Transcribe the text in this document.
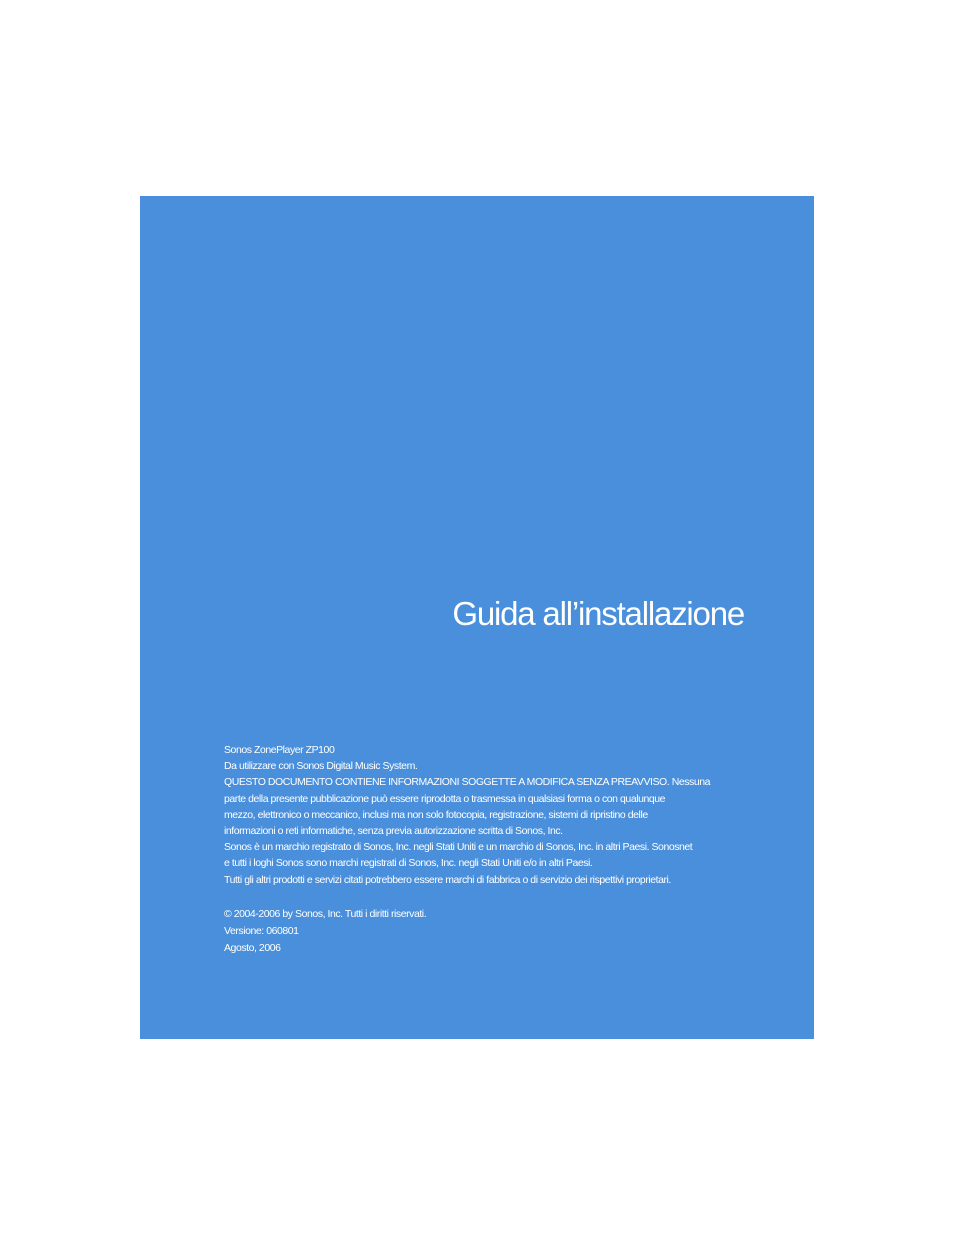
Guida all’installazione

Sonos ZonePlayer ZP100

Da utilizzare con Sonos Digital Music System.

QUESTO DOCUMENTO CONTIENE INFORMAZIONI SOGGETTE A MODIFICA SENZA PREAVVISO. Nessuna

parte della presente pubblicazione può essere riprodotta o trasmessa in qualsiasi forma o con qualunque

mezzo, elettronico o meccanico, inclusi ma non solo fotocopia, registrazione, sistemi di ripristino delle

informazioni o reti informatiche, senza previa autorizzazione scritta di Sonos, Inc.

Sonos è un marchio registrato di Sonos, Inc. negli Stati Uniti e un marchio di Sonos, Inc. in altri Paesi. Sonosnet

e tutti i loghi Sonos sono marchi registrati di Sonos, Inc. negli Stati Uniti e/o in altri Paesi.

Tutti gli altri prodotti e servizi citati potrebbero essere marchi di fabbrica o di servizio dei rispettivi proprietari.

© 2004-2006 by Sonos, Inc. Tutti i diritti riservati.

Versione: 060801

Agosto, 2006
